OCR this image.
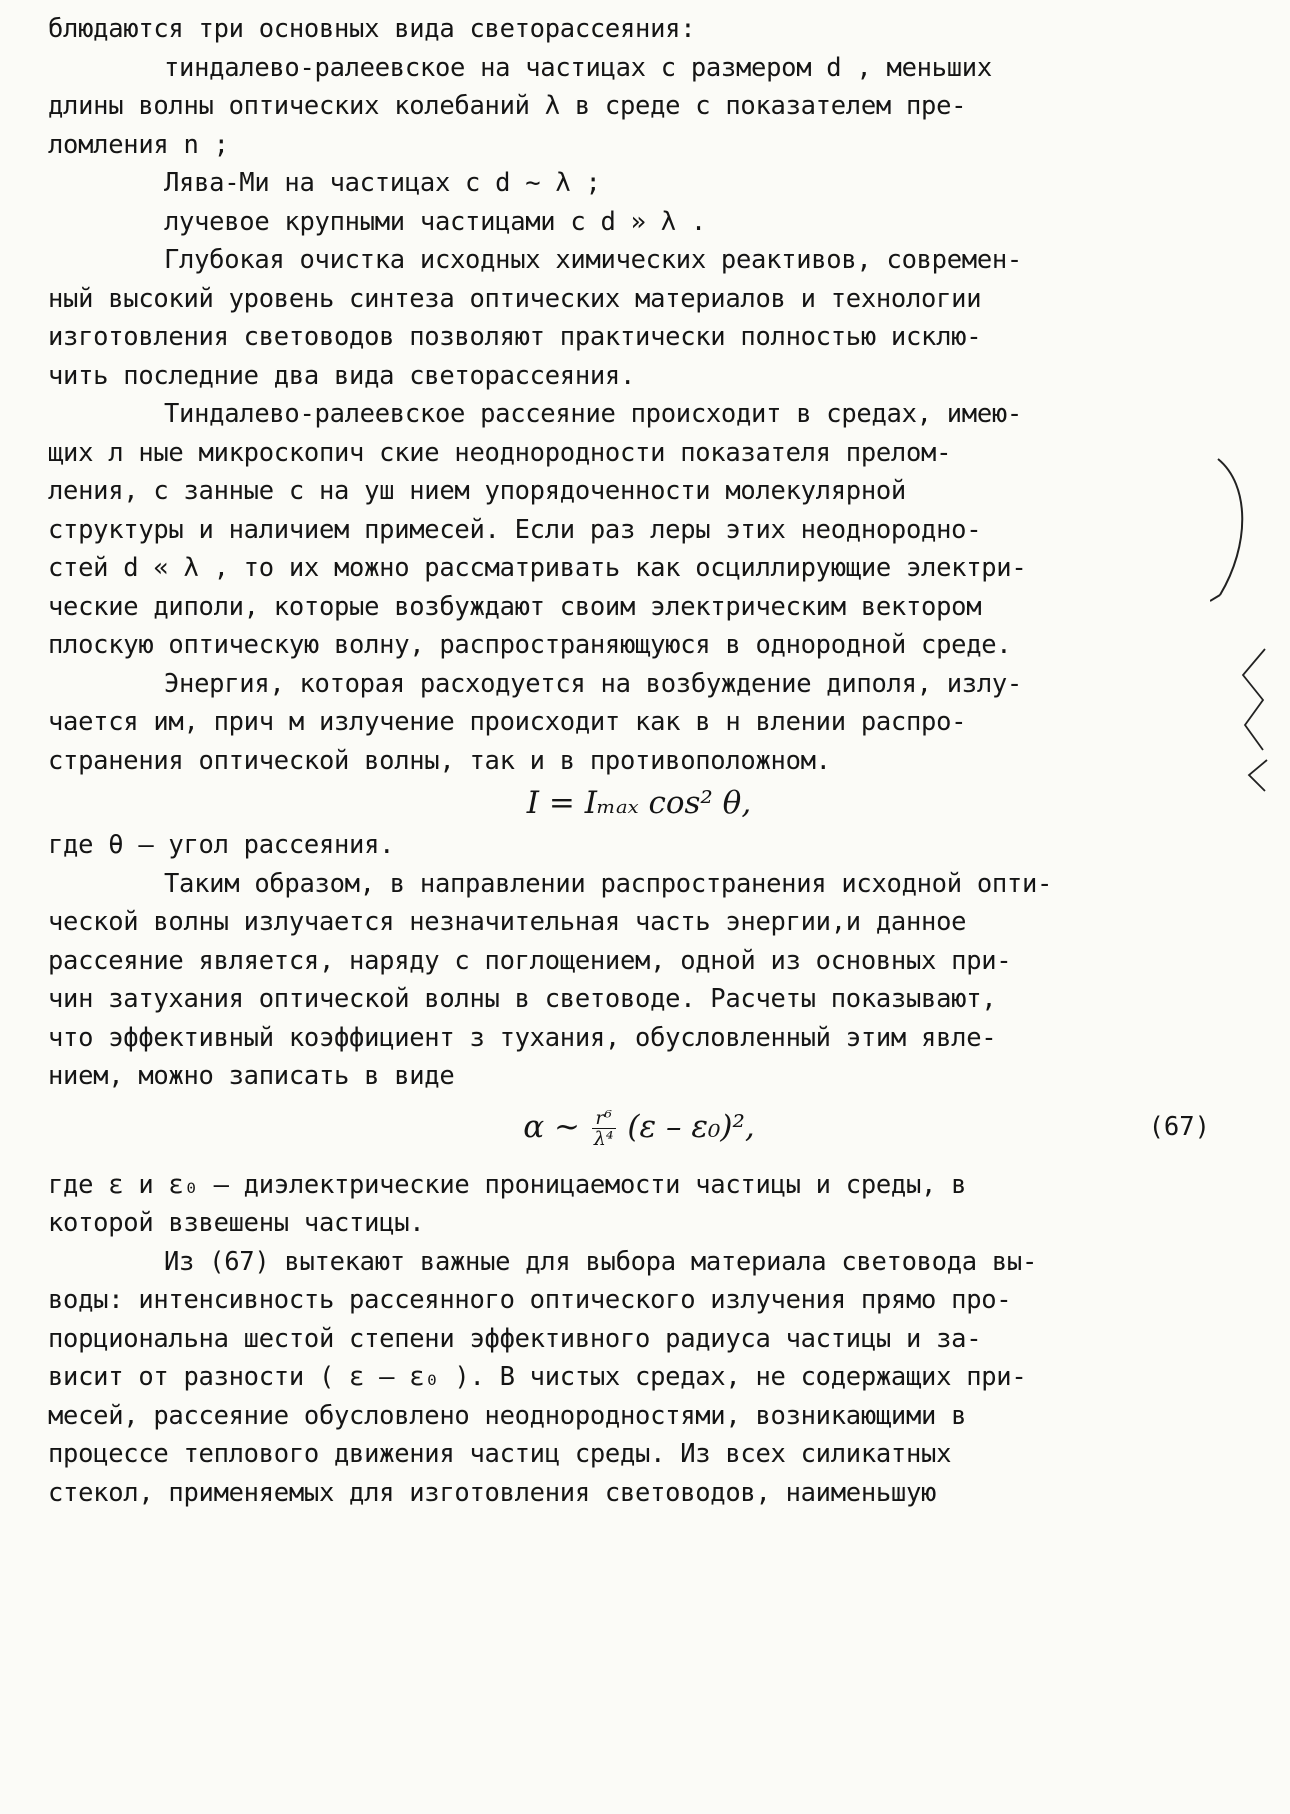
блюдаются три основных вида светорассеяния:
тиндалево-ралеевское на частицах с размером d , меньших
длины волны оптических колебаний λ в среде с показателем пре-
ломления n ;
Лява-Ми на частицах с d ~ λ ;
лучевое крупными частицами с d » λ .
Глубокая очистка исходных химических реактивов, современ-
ный высокий уровень синтеза оптических материалов и технологии
изготовления световодов позволяют практически полностью исклю-
чить последние два вида светорассеяния.
Тиндалево-ралеевское рассеяние происходит в средах, имею-
щих л ные микроскопич ские неоднородности показателя прелом-
ления, с занные с на уш нием упорядоченности молекулярной
структуры и наличием примесей. Если раз леры этих неоднородно-
стей d « λ , то их можно рассматривать как осциллирующие электри-
ческие диполи, которые возбуждают своим электрическим вектором
плоскую оптическую волну, распространяющуюся в однородной среде.
Энергия, которая расходуется на возбуждение диполя, излу-
чается им, прич м излучение происходит как в н влении распро-
странения оптической волны, так и в противоположном.
I = Iₘₐₓ cos² θ,
где θ – угол рассеяния.
Таким образом, в направлении распространения исходной опти-
ческой волны излучается незначительная часть энергии,и данное
рассеяние является, наряду с поглощением, одной из основных при-
чин затухания оптической волны в световоде. Расчеты показывают,
что эффективный коэффициент з тухания, обусловленный этим явле-
нием, можно записать в виде
α ~ $\frac{\text{r⁶}}{\text{λ⁴}} (\varepsilon - \varepsilon_0)^2$,	(67)
где ε и ε₀ – диэлектрические проницаемости частицы и среды, в
которой взвешены частицы.
Из (67) вытекают важные для выбора материала световода вы-
воды: интенсивность рассеянного оптического излучения прямо про-
порциональна шестой степени эффективного радиуса частицы и за-
висит от разности ( ε – ε₀ ). В чистых средах, не содержащих при-
месей, рассеяние обусловлено неоднородностями, возникающими в
процессе теплового движения частиц среды. Из всех силикатных
стекол, применяемых для изготовления световодов, наименьшую
